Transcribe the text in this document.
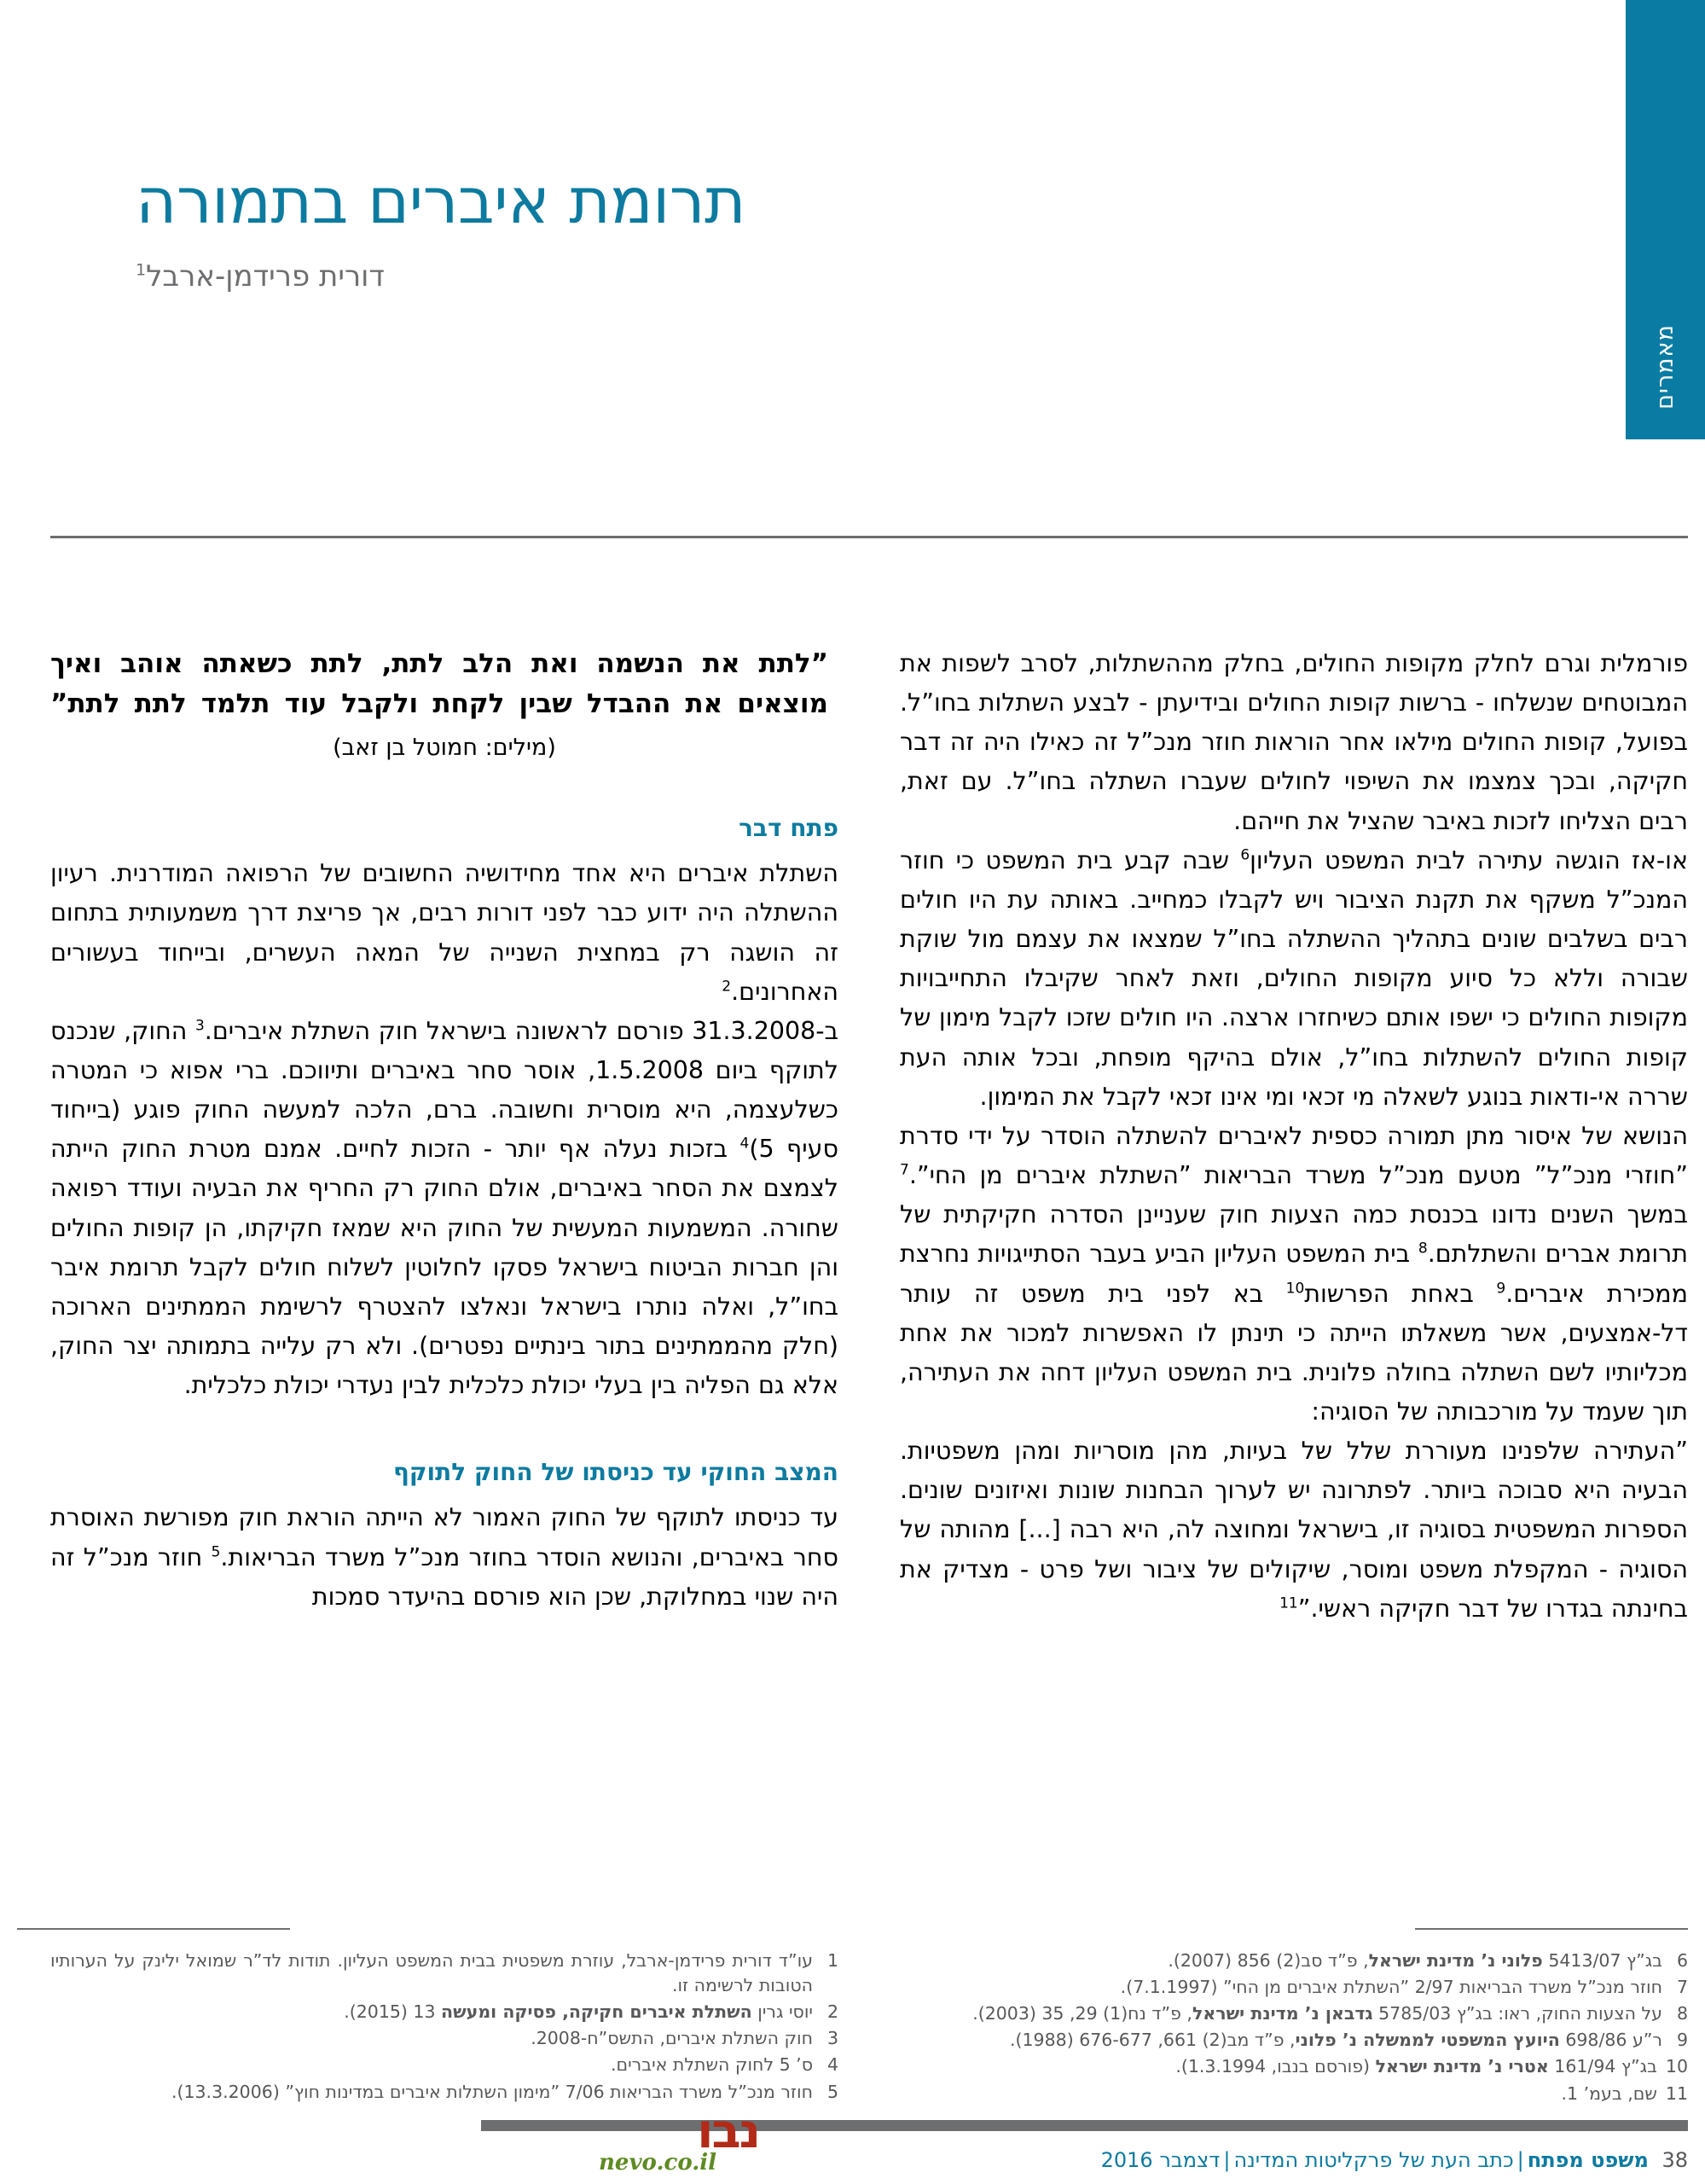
מאמרים
תרומת איברים בתמורה
דורית פרידמן-ארבל$^1$

פורמלית וגרם לחלק מקופות החולים, בחלק מההשתלות, לסרב לשפות את המבוטחים שנשלחו - ברשות קופות החולים ובידיעתן - לבצע השתלות בחו”ל. בפועל, קופות החולים מילאו אחר הוראות חוזר מנכ”ל זה כאילו היה זה דבר חקיקה, ובכך צמצמו את השיפוי לחולים שעברו השתלה בחו”ל. עם זאת, רבים הצליחו לזכות באיבר שהציל את חייהם.

או-אז הוגשה עתירה לבית המשפט העליון$^6$ שבה קבע בית המשפט כי חוזר המנכ”ל משקף את תקנת הציבור ויש לקבלו כמחייב. באותה עת היו חולים רבים בשלבים שונים בתהליך ההשתלה בחו”ל שמצאו את עצמם מול שוקת שבורה וללא כל סיוע מקופות החולים, וזאת לאחר שקיבלו התחייבויות מקופות החולים כי ישפו אותם כשיחזרו ארצה. היו חולים שזכו לקבל מימון של קופות החולים להשתלות בחו”ל, אולם בהיקף מופחת, ובכל אותה העת שררה אי-ודאות בנוגע לשאלה מי זכאי ומי אינו זכאי לקבל את המימון.

הנושא של איסור מתן תמורה כספית לאיברים להשתלה הוסדר על ידי סדרת ”חוזרי מנכ”ל” מטעם מנכ”ל משרד הבריאות ”השתלת איברים מן החי”.$^7$ במשך השנים נדונו בכנסת כמה הצעות חוק שעניינן הסדרה חקיקתית של תרומת אברים והשתלתם.$^8$ בית המשפט העליון הביע בעבר הסתייגויות נחרצת ממכירת איברים.$^9$ באחת הפרשות$^{10}$ בא לפני בית משפט זה עותר דל-אמצעים, אשר משאלתו הייתה כי תינתן לו האפשרות למכור את אחת מכליותיו לשם השתלה בחולה פלונית. בית המשפט העליון דחה את העתירה, תוך שעמד על מורכבותה של הסוגיה:

”העתירה שלפנינו מעוררת שלל של בעיות, מהן מוסריות ומהן משפטיות. הבעיה היא סבוכה ביותר. לפתרונה יש לערוך הבחנות שונות ואיזונים שונים. הספרות המשפטית בסוגיה זו, בישראל ומחוצה לה, היא רבה [...] מהותה של הסוגיה - המקפלת משפט ומוסר, שיקולים של ציבור ושל פרט - מצדיק את בחינתה בגדרו של דבר חקיקה ראשי.”$^{11}$

”לתת את הנשמה ואת הלב לתת, לתת כשאתה אוהב ואיך מוצאים את ההבדל שבין לקחת ולקבל עוד תלמד לתת לתת”
(מילים: חמוטל בן זאב)
פתח דבר

השתלת איברים היא אחד מחידושיה החשובים של הרפואה המודרנית. רעיון ההשתלה היה ידוע כבר לפני דורות רבים, אך פריצת דרך משמעותית בתחום זה הושגה רק במחצית השנייה של המאה העשרים, ובייחוד בעשורים האחרונים.$^2$

ב-31.3.2008 פורסם לראשונה בישראל חוק השתלת איברים.$^3$ החוק, שנכנס לתוקף ביום 1.5.2008, אוסר סחר באיברים ותיווכם. ברי אפוא כי המטרה כשלעצמה, היא מוסרית וחשובה. ברם, הלכה למעשה החוק פוגע (בייחוד סעיף 5)$^4$ בזכות נעלה אף יותר - הזכות לחיים. אמנם מטרת החוק הייתה לצמצם את הסחר באיברים, אולם החוק רק החריף את הבעיה ועודד רפואה שחורה. המשמעות המעשית של החוק היא שמאז חקיקתו, הן קופות החולים והן חברות הביטוח בישראל פסקו לחלוטין לשלוח חולים לקבל תרומת איבר בחו”ל, ואלה נותרו בישראל ונאלצו להצטרף לרשימת הממתינים הארוכה (חלק מהממתינים בתור בינתיים נפטרים). ולא רק עלייה בתמותה יצר החוק, אלא גם הפליה בין בעלי יכולת כלכלית לבין נעדרי יכולת כלכלית.

המצב החוקי עד כניסתו של החוק לתוקף

עד כניסתו לתוקף של החוק האמור לא הייתה הוראת חוק מפורשת האוסרת סחר באיברים, והנושא הוסדר בחוזר מנכ”ל משרד הבריאות.$^5$ חוזר מנכ”ל זה היה שנוי במחלוקת, שכן הוא פורסם בהיעדר סמכות

6
בג”ץ 5413/07 פלוני נ’ מדינת ישראל, פ”ד סב(2) 856 (2007).
7
חוזר מנכ”ל משרד הבריאות 2/97 ”השתלת איברים מן החי” (7.1.1997).
8
על הצעות החוק, ראו: בג”ץ 5785/03 גדבאן נ’ מדינת ישראל, פ”ד נח(1) 29, 35 (2003).
9
ר”ע 698/86 היועץ המשפטי לממשלה נ’ פלוני, פ”ד מב(2) 661, 676-677 (1988).
10
בג”ץ 161/94 אטרי נ’ מדינת ישראל (פורסם בנבו, 1.3.1994).
11
שם, בעמ’ 1.
1
עו”ד דורית פרידמן-ארבל, עוזרת משפטית בבית המשפט העליון. תודות לד”ר שמואל ילינק על הערותיו הטובות לרשימה זו.
2
יוסי גרין השתלת איברים חקיקה, פסיקה ומעשה 13 (2015).
3
חוק השתלת איברים, התשס”ח-2008.
4
ס’ 5 לחוק השתלת איברים.
5
חוזר מנכ”ל משרד הבריאות 7/06 ”מימון השתלות איברים במדינות חוץ” (13.3.2006).
38 משפט מפתח|כתב העת של פרקליטות המדינה|דצמבר 2016
נבו
nevo.co.il
